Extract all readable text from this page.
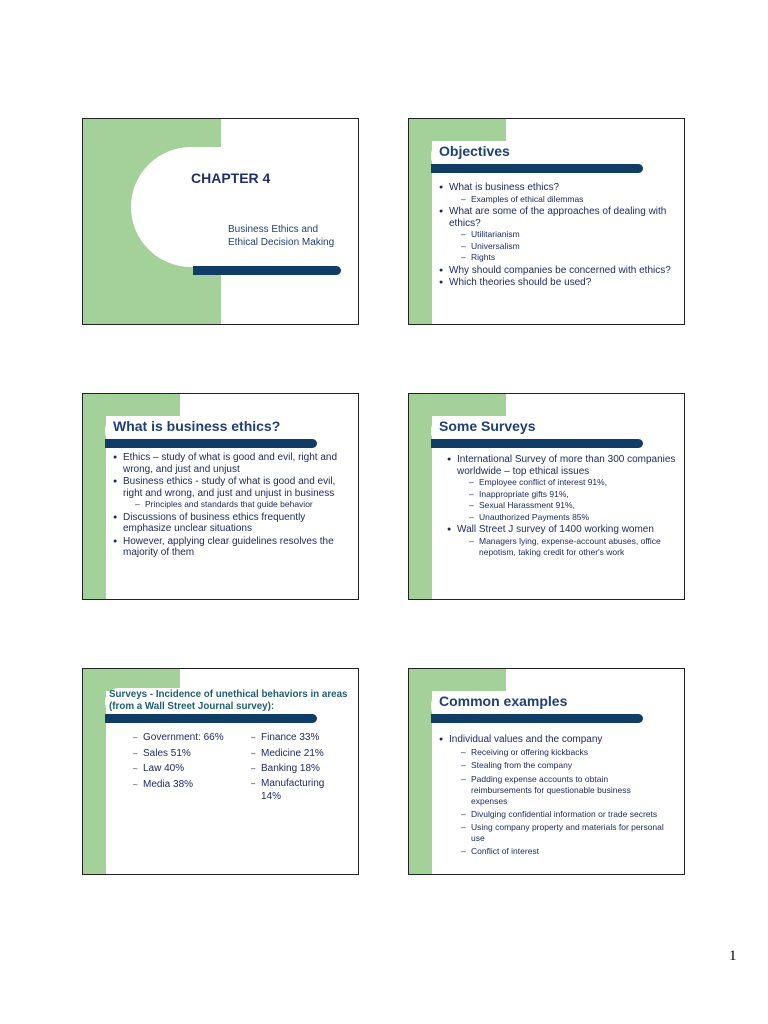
CHAPTER 4
Business Ethics and Ethical Decision Making
Objectives
● What is business ethics?
– Examples of ethical dilemmas
● What are some of the approaches of dealing with ethics?
– Utilitarianism
– Universalism
– Rights
● Why should companies be concerned with ethics?
● Which theories should be used?
What is business ethics?
● Ethics – study of what is good and evil, right and wrong, and just and unjust
● Business ethics - study of what is good and evil, right and wrong, and just and unjust in business
– Principles and standards that guide behavior
● Discussions of business ethics frequently emphasize unclear situations
● However, applying clear guidelines resolves the majority of them
Some Surveys
● International Survey of more than 300 companies worldwide – top ethical issues
– Employee conflict of interest 91%,
– Inappropriate gifts 91%,
– Sexual Harassment 91%,
– Unauthorized Payments 85%
● Wall Street J survey of 1400 working women
– Managers lying, expense-account abuses, office nepotism, taking credit for other's work
Surveys - Incidence of unethical behaviors in areas (from a Wall Street Journal survey):
– Government: 66%
– Sales 51%
– Law 40%
– Media 38%
– Finance 33%
– Medicine 21%
– Banking 18%
– Manufacturing 14%
Common examples
● Individual values and the company
– Receiving or offering kickbacks
– Stealing from the company
– Padding expense accounts to obtain reimbursements for questionable business expenses
– Divulging confidential information or trade secrets
– Using company property and materials for personal use
– Conflict of interest
1
